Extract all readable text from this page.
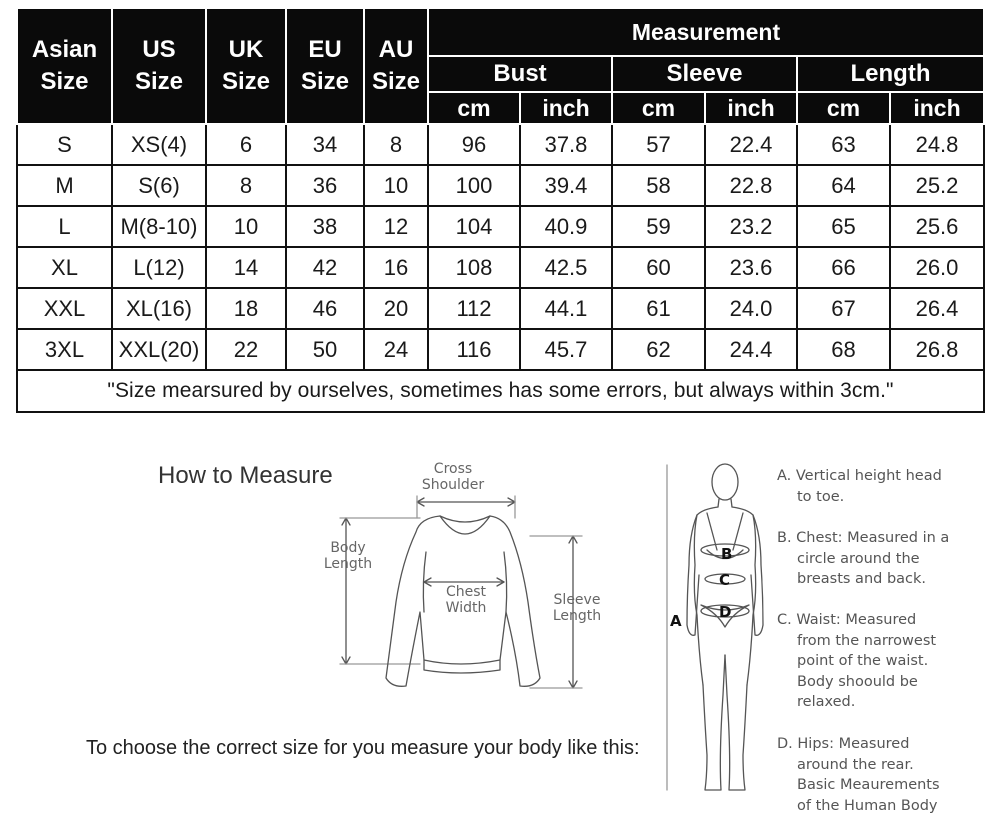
Asian Size	US Size	UK Size	EU Size	AU Size	Measurement					
					Bust		Sleeve		Length	
					cm	inch	cm	inch	cm	inch
S	XS(4)	6	34	8	96	37.8	57	22.4	63	24.8
M	S(6)	8	36	10	100	39.4	58	22.8	64	25.2
L	M(8-10)	10	38	12	104	40.9	59	23.2	65	25.6
XL	L(12)	14	42	16	108	42.5	60	23.6	66	26.0
XXL	XL(16)	18	46	20	112	44.1	61	24.0	67	26.4
3XL	XXL(20)	22	50	24	116	45.7	62	24.4	68	26.8
"Size mearsured by ourselves, sometimes has some errors, but always within 3cm."										
How to Measure	Cross
Shoulder
Body
Length
Chest
Width	Sleeve
Length
To choose the correct size for you measure your body like this:
B
C
D
A
A. Vertical height head
to toe.
B. Chest: Measured in a
circle around the
breasts and back.
C. Waist: Measured
from the narrowest
point of the waist.
Body shoould be
relaxed.
D. Hips: Measured
around the rear.
Basic Meaurements
of the Human Body
